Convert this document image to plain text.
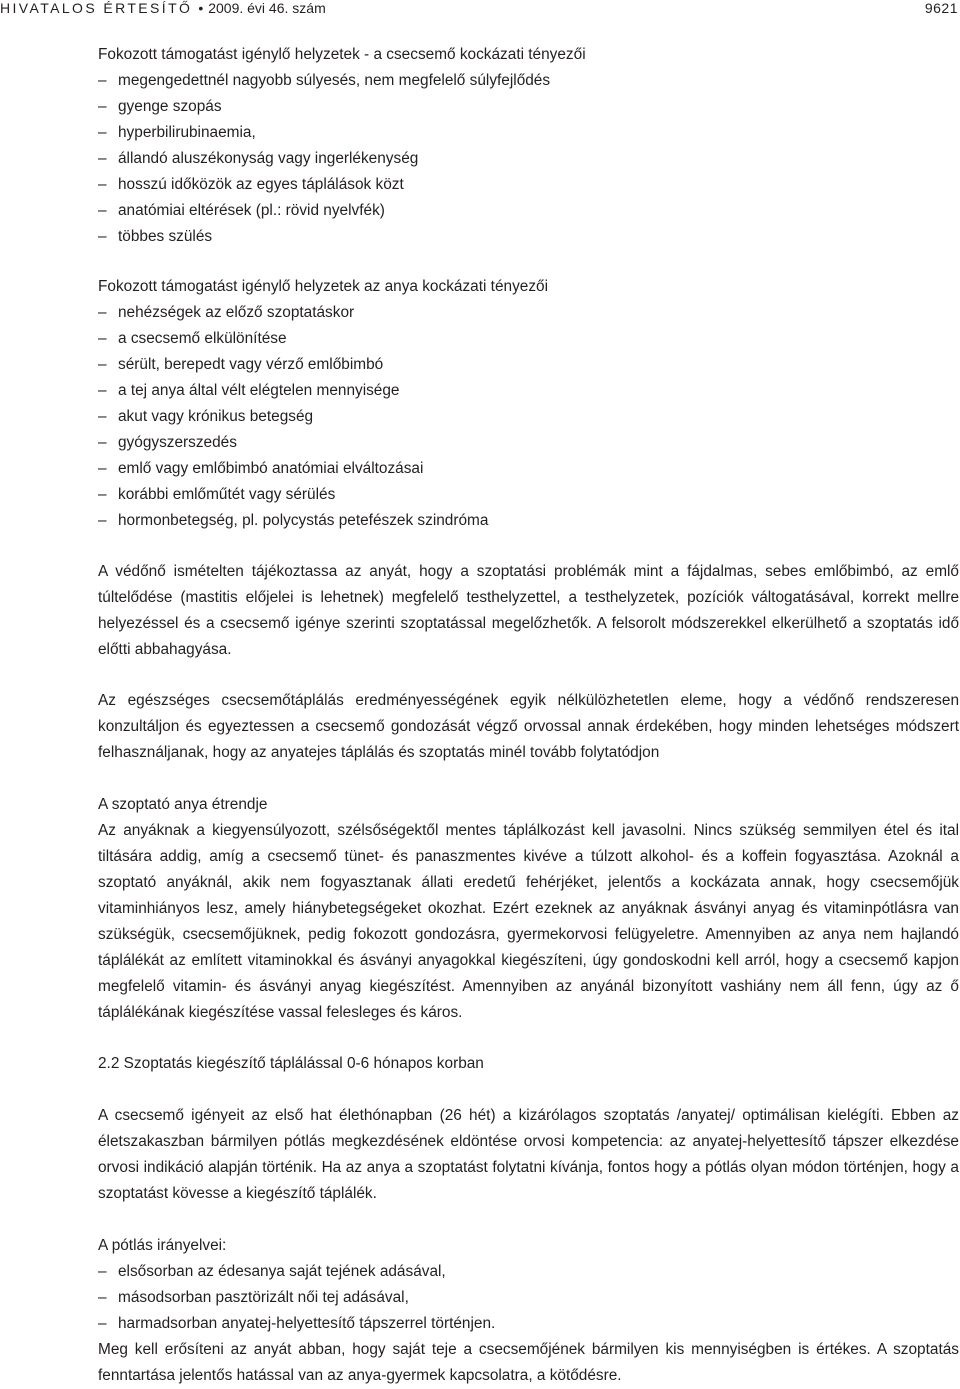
HIVATALOS ÉRTESÍTŐ • 2009. évi 46. szám	9621

Fokozott támogatást igénylő helyzetek - a csecsemő kockázati tényezői

– megengedettnél nagyobb súlyesés, nem megfelelő súlyfejlődés
– gyenge szopás
– hyperbilirubinaemia,
– állandó aluszékonyság vagy ingerlékenység
– hosszú időközök az egyes táplálások közt
– anatómiai eltérések (pl.: rövid nyelvfék)
– többes szülés

Fokozott támogatást igénylő helyzetek az anya kockázati tényezői

– nehézségek az előző szoptatáskor
– a csecsemő elkülönítése
– sérült, berepedt vagy vérző emlőbimbó
– a tej anya által vélt elégtelen mennyisége
– akut vagy krónikus betegség
– gyógyszerszedés
– emlő vagy emlőbimbó anatómiai elváltozásai
– korábbi emlőműtét vagy sérülés
– hormonbetegség, pl. polycystás petefészek szindróma

A védőnő ismételten tájékoztassa az anyát, hogy a szoptatási problémák mint a fájdalmas, sebes emlőbimbó, az emlő túltelődése (mastitis előjelei is lehetnek) megfelelő testhelyzettel, a testhelyzetek, pozíciók váltogatásával, korrekt mellre helyezéssel és a csecsemő igénye szerinti szoptatással megelőzhetők. A felsorolt módszerekkel elkerülhető a szoptatás idő előtti abbahagyása.

Az egészséges csecsemőtáplálás eredményességének egyik nélkülözhetetlen eleme, hogy a védőnő rendszeresen konzultáljon és egyeztessen a csecsemő gondozását végző orvossal annak érdekében, hogy minden lehetséges módszert felhasználjanak, hogy az anyatejes táplálás és szoptatás minél tovább folytatódjon

A szoptató anya étrendje

Az anyáknak a kiegyensúlyozott, szélsőségektől mentes táplálkozást kell javasolni. Nincs szükség semmilyen étel és ital tiltására addig, amíg a csecsemő tünet- és panaszmentes kivéve a túlzott alkohol- és a koffein fogyasztása. Azoknál a szoptató anyáknál, akik nem fogyasztanak állati eredetű fehérjéket, jelentős a kockázata annak, hogy csecsemőjük vitaminhiányos lesz, amely hiánybetegségeket okozhat. Ezért ezeknek az anyáknak ásványi anyag és vitaminpótlásra van szükségük, csecsemőjüknek, pedig fokozott gondozásra, gyermekorvosi felügyeletre. Amennyiben az anya nem hajlandó táplálékát az említett vitaminokkal és ásványi anyagokkal kiegészíteni, úgy gondoskodni kell arról, hogy a csecsemő kapjon megfelelő vitamin- és ásványi anyag kiegészítést. Amennyiben az anyánál bizonyított vashiány nem áll fenn, úgy az ő táplálékának kiegészítése vassal felesleges és káros.

2.2 Szoptatás kiegészítő táplálással 0-6 hónapos korban

A csecsemő igényeit az első hat élethónapban (26 hét) a kizárólagos szoptatás /anyatej/ optimálisan kielégíti. Ebben az életszakaszban bármilyen pótlás megkezdésének eldöntése orvosi kompetencia: az anyatej-helyettesítő tápszer elkezdése orvosi indikáció alapján történik. Ha az anya a szoptatást folytatni kívánja, fontos hogy a pótlás olyan módon történjen, hogy a szoptatást kövesse a kiegészítő táplálék.

A pótlás irányelvei:

– elsősorban az édesanya saját tejének adásával,
– másodsorban pasztörizált női tej adásával,
– harmadsorban anyatej-helyettesítő tápszerrel történjen.

Meg kell erősíteni az anyát abban, hogy saját teje a csecsemőjének bármilyen kis mennyiségben is értékes. A szoptatás fenntartása jelentős hatással van az anya-gyermek kapcsolatra, a kötődésre.
